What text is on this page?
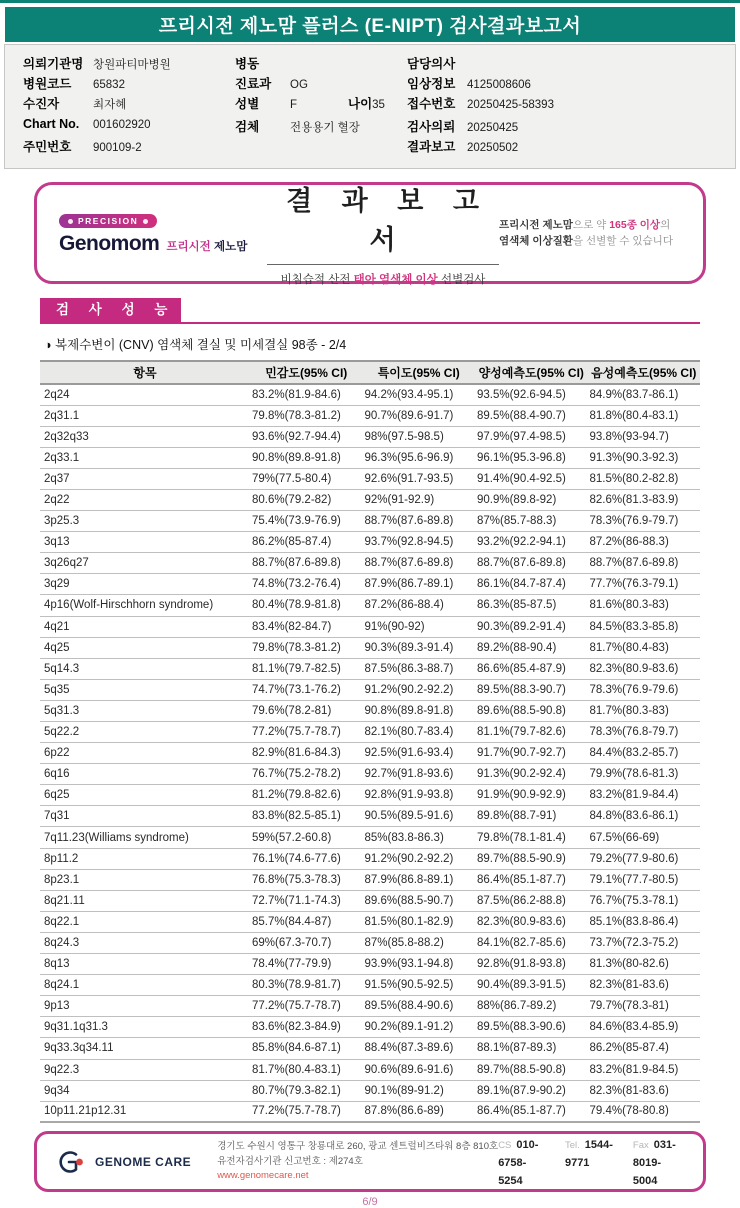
프리시전 제노맘 플러스 (E-NIPT) 검사결과보고서
의뢰기관명 창원파티마병원
병원코드	65832
수진자	최자혜
Chart No.	001602920
주민번호	900109-2
병동
진료과	OG
성별	F	나이 35
검체	전용용기 혈장
담당의사
임상정보	4125008606
접수번호	20250425-58393
검사의뢰	20250425
결과보고	20250502
PRECISION
Genomom 프리시전 제노맘
결 과 보 고 서
비침습적 산전 태아 염색체 이상 선별검사
프리시전 제노맘으로 약 165종 이상의
염색체 이상질환을 선별할 수 있습니다
검 사 성 능
◑ 복제수변이 (CNV) 염색체 결실 및 미세결실 98종 - 2/4
항목	민감도(95% CI)	특이도(95% CI)	양성예측도(95% CI)	음성예측도(95% CI)
2q24	83.2%(81.9-84.6)	94.2%(93.4-95.1)	93.5%(92.6-94.5)	84.9%(83.7-86.1)
2q31.1	79.8%(78.3-81.2)	90.7%(89.6-91.7)	89.5%(88.4-90.7)	81.8%(80.4-83.1)
2q32q33	93.6%(92.7-94.4)	98%(97.5-98.5)	97.9%(97.4-98.5)	93.8%(93-94.7)
2q33.1	90.8%(89.8-91.8)	96.3%(95.6-96.9)	96.1%(95.3-96.8)	91.3%(90.3-92.3)
2q37	79%(77.5-80.4)	92.6%(91.7-93.5)	91.4%(90.4-92.5)	81.5%(80.2-82.8)
2q22	80.6%(79.2-82)	92%(91-92.9)	90.9%(89.8-92)	82.6%(81.3-83.9)
3p25.3	75.4%(73.9-76.9)	88.7%(87.6-89.8)	87%(85.7-88.3)	78.3%(76.9-79.7)
3q13	86.2%(85-87.4)	93.7%(92.8-94.5)	93.2%(92.2-94.1)	87.2%(86-88.3)
3q26q27	88.7%(87.6-89.8)	88.7%(87.6-89.8)	88.7%(87.6-89.8)	88.7%(87.6-89.8)
3q29	74.8%(73.2-76.4)	87.9%(86.7-89.1)	86.1%(84.7-87.4)	77.7%(76.3-79.1)
4p16(Wolf-Hirschhorn syndrome)	80.4%(78.9-81.8)	87.2%(86-88.4)	86.3%(85-87.5)	81.6%(80.3-83)
4q21	83.4%(82-84.7)	91%(90-92)	90.3%(89.2-91.4)	84.5%(83.3-85.8)
4q25	79.8%(78.3-81.2)	90.3%(89.3-91.4)	89.2%(88-90.4)	81.7%(80.4-83)
5q14.3	81.1%(79.7-82.5)	87.5%(86.3-88.7)	86.6%(85.4-87.9)	82.3%(80.9-83.6)
5q35	74.7%(73.1-76.2)	91.2%(90.2-92.2)	89.5%(88.3-90.7)	78.3%(76.9-79.6)
5q31.3	79.6%(78.2-81)	90.8%(89.8-91.8)	89.6%(88.5-90.8)	81.7%(80.3-83)
5q22.2	77.2%(75.7-78.7)	82.1%(80.7-83.4)	81.1%(79.7-82.6)	78.3%(76.8-79.7)
6p22	82.9%(81.6-84.3)	92.5%(91.6-93.4)	91.7%(90.7-92.7)	84.4%(83.2-85.7)
6q16	76.7%(75.2-78.2)	92.7%(91.8-93.6)	91.3%(90.2-92.4)	79.9%(78.6-81.3)
6q25	81.2%(79.8-82.6)	92.8%(91.9-93.8)	91.9%(90.9-92.9)	83.2%(81.9-84.4)
7q31	83.8%(82.5-85.1)	90.5%(89.5-91.6)	89.8%(88.7-91)	84.8%(83.6-86.1)
7q11.23(Williams syndrome)	59%(57.2-60.8)	85%(83.8-86.3)	79.8%(78.1-81.4)	67.5%(66-69)
8p11.2	76.1%(74.6-77.6)	91.2%(90.2-92.2)	89.7%(88.5-90.9)	79.2%(77.9-80.6)
8p23.1	76.8%(75.3-78.3)	87.9%(86.8-89.1)	86.4%(85.1-87.7)	79.1%(77.7-80.5)
8q21.11	72.7%(71.1-74.3)	89.6%(88.5-90.7)	87.5%(86.2-88.8)	76.7%(75.3-78.1)
8q22.1	85.7%(84.4-87)	81.5%(80.1-82.9)	82.3%(80.9-83.6)	85.1%(83.8-86.4)
8q24.3	69%(67.3-70.7)	87%(85.8-88.2)	84.1%(82.7-85.6)	73.7%(72.3-75.2)
8q13	78.4%(77-79.9)	93.9%(93.1-94.8)	92.8%(91.8-93.8)	81.3%(80-82.6)
8q24.1	80.3%(78.9-81.7)	91.5%(90.5-92.5)	90.4%(89.3-91.5)	82.3%(81-83.6)
9p13	77.2%(75.7-78.7)	89.5%(88.4-90.6)	88%(86.7-89.2)	79.7%(78.3-81)
9q31.1q31.3	83.6%(82.3-84.9)	90.2%(89.1-91.2)	89.5%(88.3-90.6)	84.6%(83.4-85.9)
9q33.3q34.11	85.8%(84.6-87.1)	88.4%(87.3-89.6)	88.1%(87-89.3)	86.2%(85-87.4)
9q22.3	81.7%(80.4-83.1)	90.6%(89.6-91.6)	89.7%(88.5-90.8)	83.2%(81.9-84.5)
9q34	80.7%(79.3-82.1)	90.1%(89-91.2)	89.1%(87.9-90.2)	82.3%(81-83.6)
10p11.21p12.31	77.2%(75.7-78.7)	87.8%(86.6-89)	86.4%(85.1-87.7)	79.4%(78-80.8)
GENOME CARE
경기도 수원시 영통구 창룡대로 260, 광교 센트럴비즈타워 8층 810호
유전자검사기관 신고번호 : 제274호
www.genomecare.net
CS 010-6758-5254
Tel. 1544-9771
Fax 031-8019-5004
6/9
